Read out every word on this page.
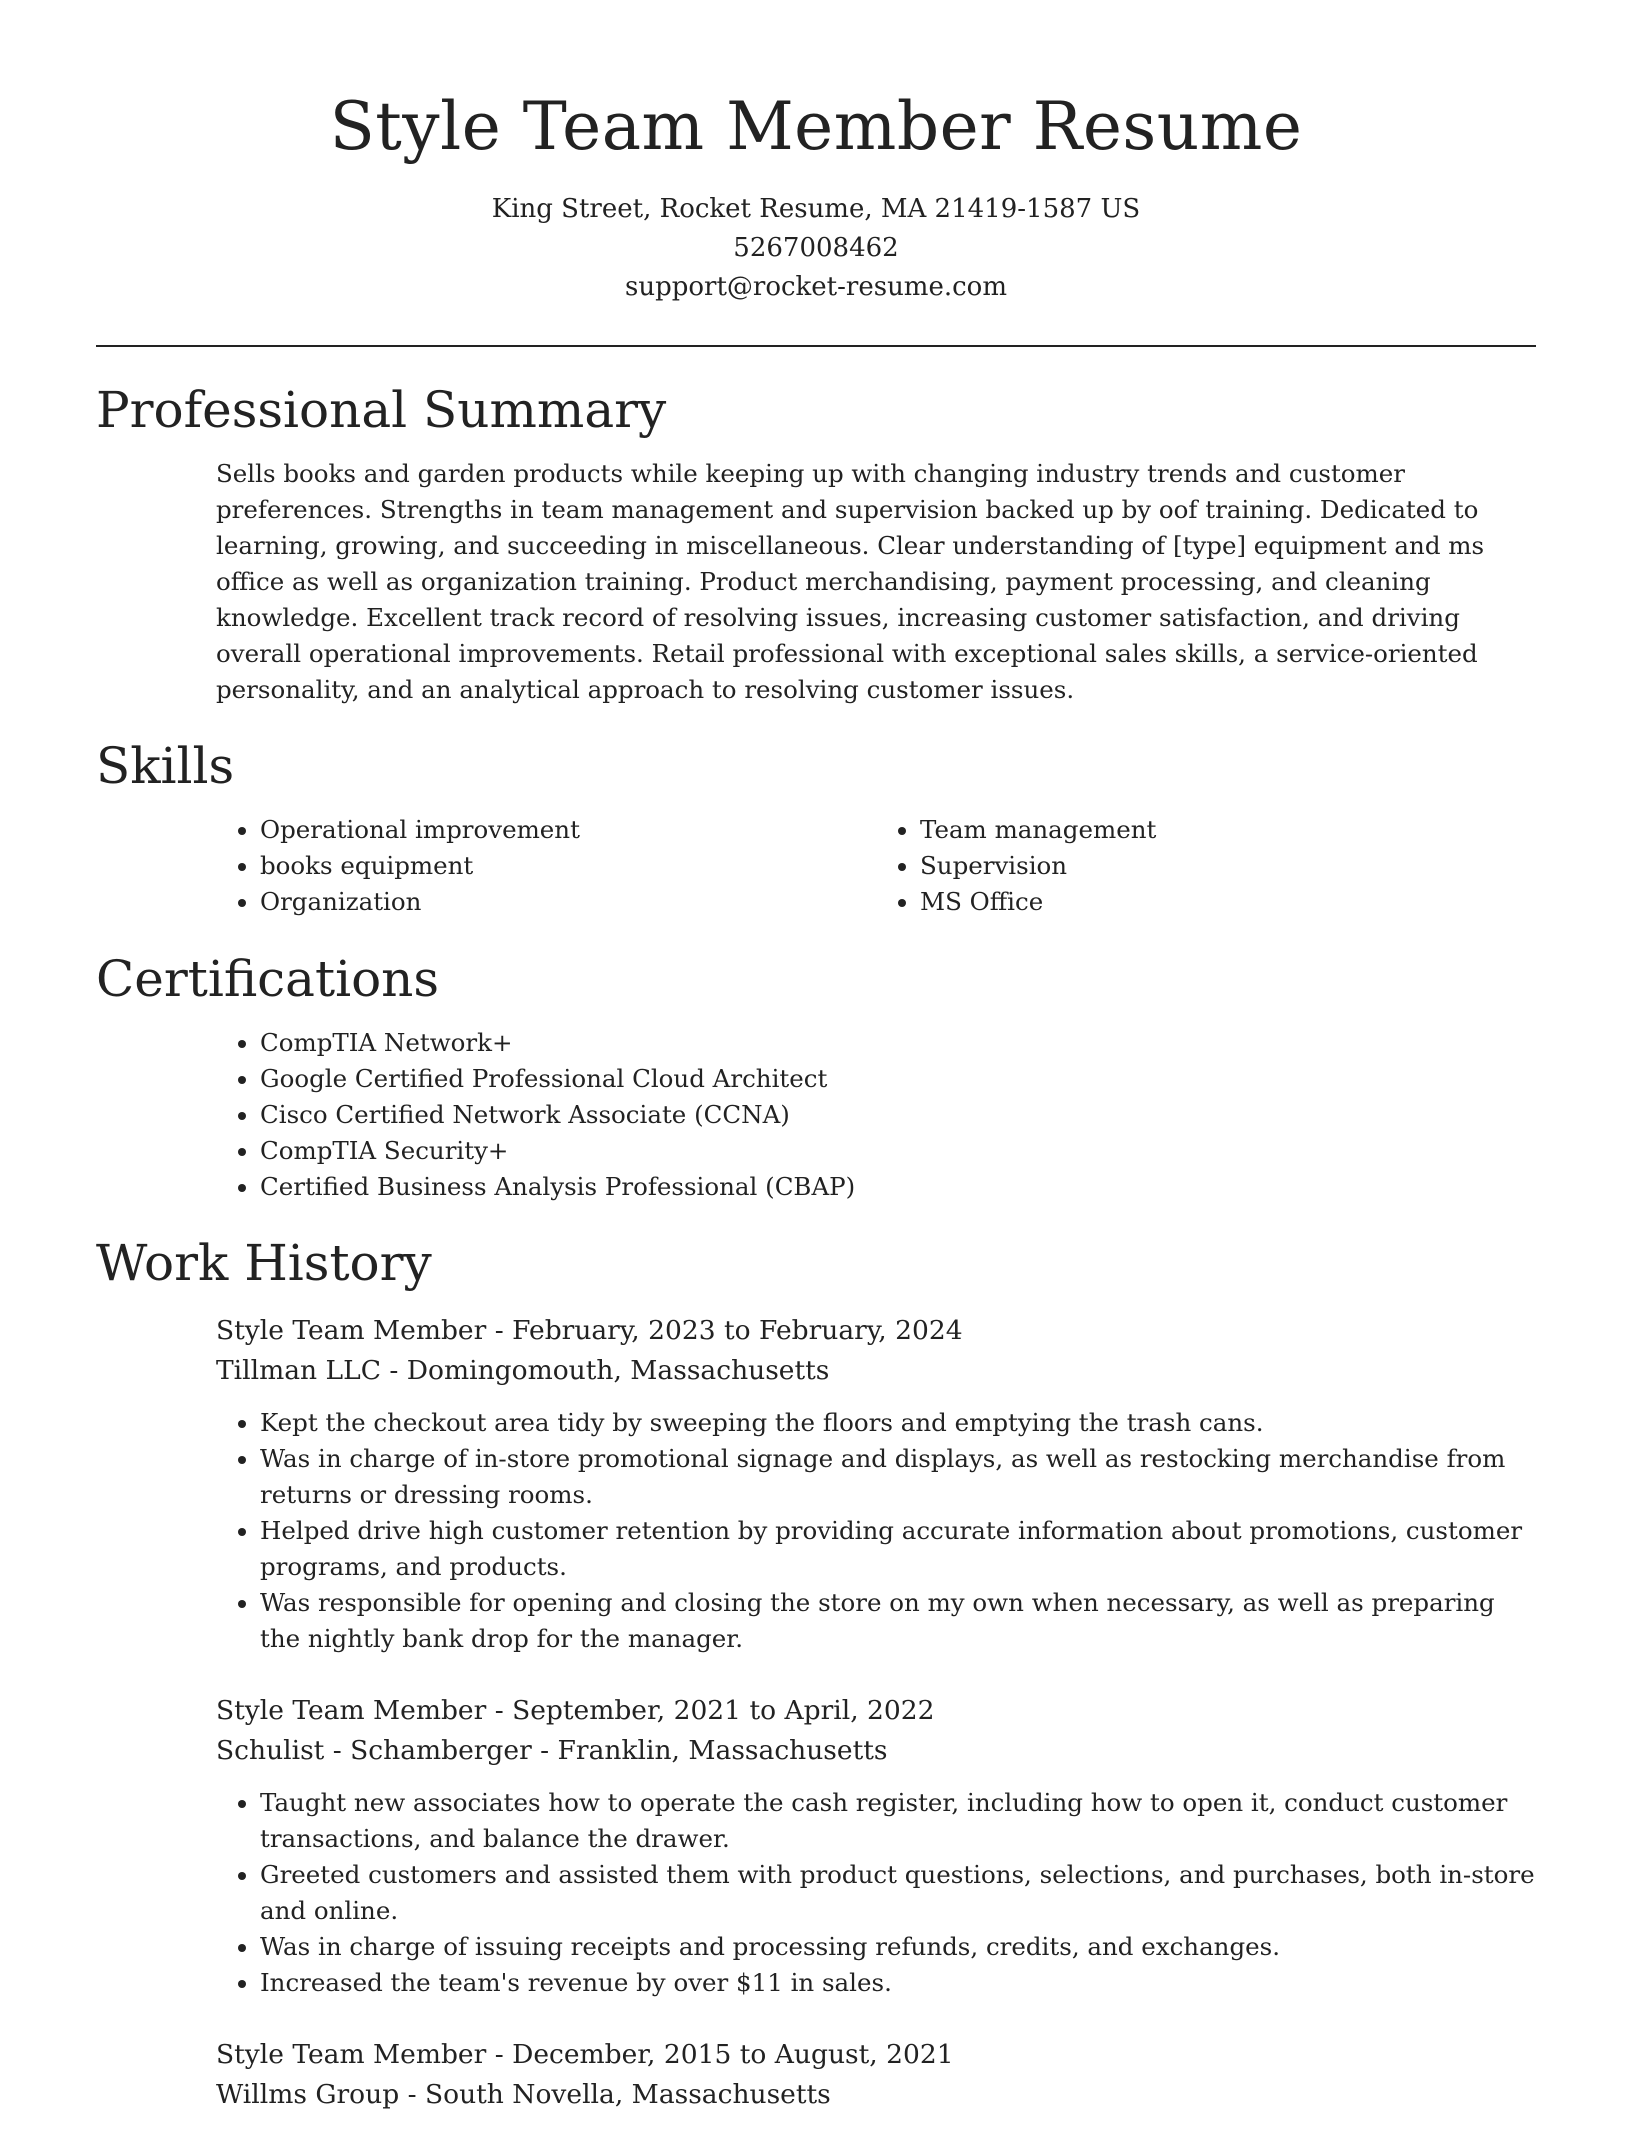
Style Team Member Resume
King Street, Rocket Resume, MA 21419-1587 US
5267008462
support@rocket-resume.com
Professional Summary
Sells books and garden products while keeping up with changing industry trends and customer preferences. Strengths in team management and supervision backed up by oof training. Dedicated to learning, growing, and succeeding in miscellaneous. Clear understanding of [type] equipment and ms office as well as organization training. Product merchandising, payment processing, and cleaning knowledge. Excellent track record of resolving issues, increasing customer satisfaction, and driving overall operational improvements. Retail professional with exceptional sales skills, a service-oriented personality, and an analytical approach to resolving customer issues.
Skills
• Operational improvement
• books equipment
• Organization
• Team management
• Supervision
• MS Office
Certifications
• CompTIA Network+
• Google Certified Professional Cloud Architect
• Cisco Certified Network Associate (CCNA)
• CompTIA Security+
• Certified Business Analysis Professional (CBAP)
Work History
Style Team Member - February, 2023 to February, 2024
Tillman LLC - Domingomouth, Massachusetts
• Kept the checkout area tidy by sweeping the floors and emptying the trash cans.
• Was in charge of in-store promotional signage and displays, as well as restocking merchandise from returns or dressing rooms.
• Helped drive high customer retention by providing accurate information about promotions, customer programs, and products.
• Was responsible for opening and closing the store on my own when necessary, as well as preparing the nightly bank drop for the manager.
Style Team Member - September, 2021 to April, 2022
Schulist - Schamberger - Franklin, Massachusetts
• Taught new associates how to operate the cash register, including how to open it, conduct customer transactions, and balance the drawer.
• Greeted customers and assisted them with product questions, selections, and purchases, both in-store and online.
• Was in charge of issuing receipts and processing refunds, credits, and exchanges.
• Increased the team's revenue by over $11 in sales.
Style Team Member - December, 2015 to August, 2021
Willms Group - South Novella, Massachusetts
